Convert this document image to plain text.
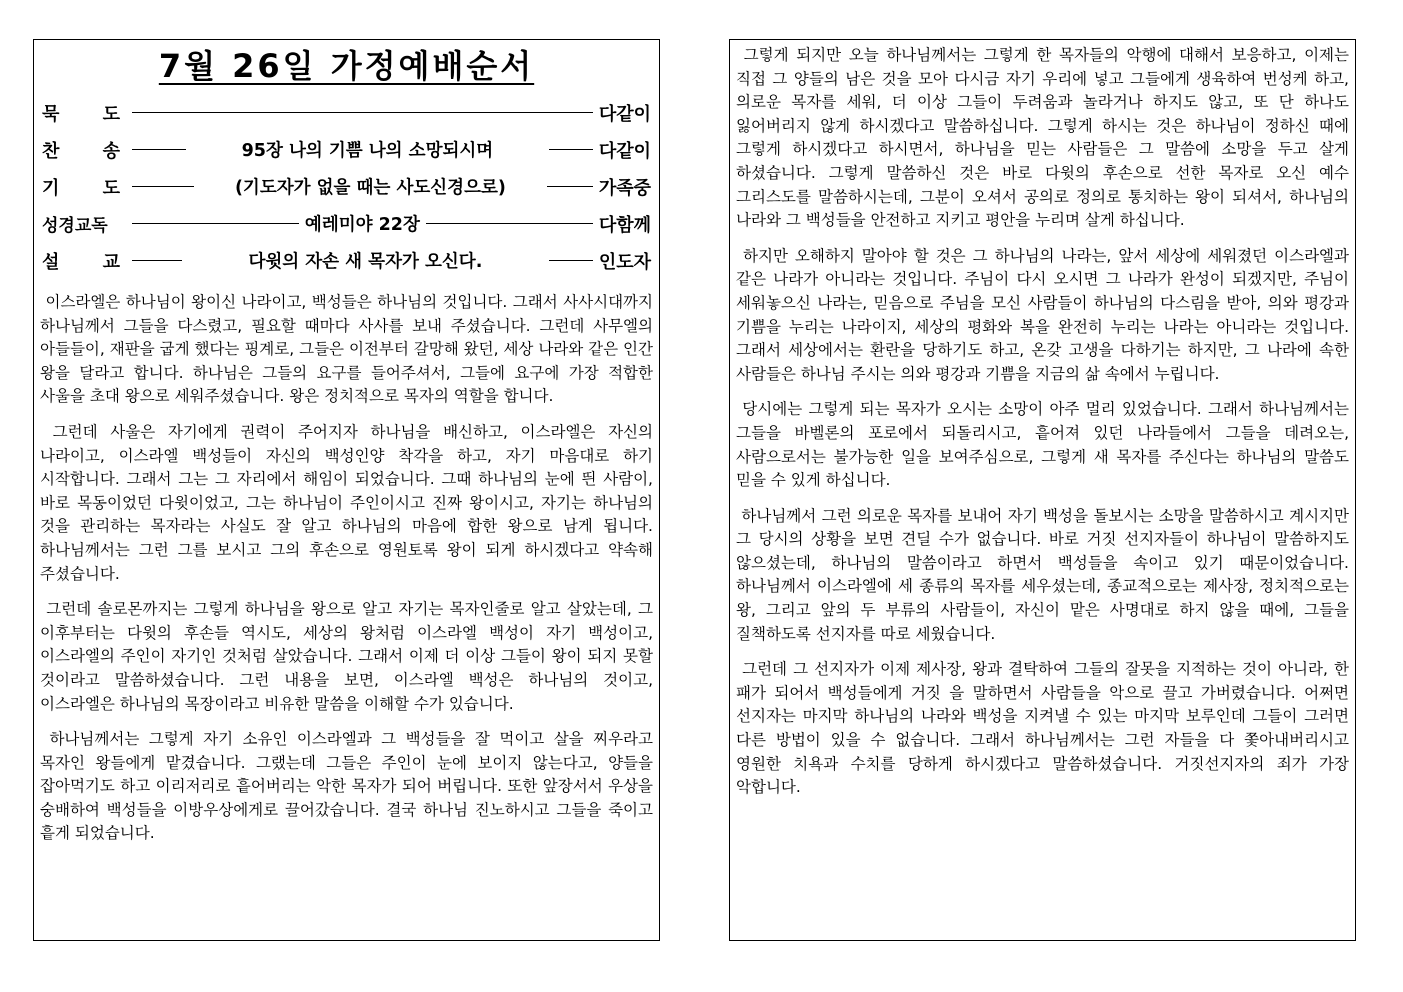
7월 26일 가정예배순서
묵 도	다같이
찬 송	95장 나의 기쁨 나의 소망되시며	다같이
기 도	(기도자가 없을 때는 사도신경으로)	가족중
성경교독	예레미야 22장	다함께
설 교	다윗의 자손 새 목자가 오신다.	인도자

이스라엘은 하나님이 왕이신 나라이고, 백성들은 하나님의 것입니다. 그래서 사사시대까지 하나님께서 그들을 다스렸고, 필요할 때마다 사사를 보내 주셨습니다. 그런데 사무엘의 아들들이, 재판을 굽게 했다는 핑계로, 그들은 이전부터 갈망해 왔던, 세상 나라와 같은 인간 왕을 달라고 합니다. 하나님은 그들의 요구를 들어주셔서, 그들에 요구에 가장 적합한 사울을 초대 왕으로 세워주셨습니다. 왕은 정치적으로 목자의 역할을 합니다.

그런데 사울은 자기에게 권력이 주어지자 하나님을 배신하고, 이스라엘은 자신의 나라이고, 이스라엘 백성들이 자신의 백성인양 착각을 하고, 자기 마음대로 하기 시작합니다. 그래서 그는 그 자리에서 해임이 되었습니다. 그때 하나님의 눈에 띈 사람이, 바로 목동이었던 다윗이었고, 그는 하나님이 주인이시고 진짜 왕이시고, 자기는 하나님의 것을 관리하는 목자라는 사실도 잘 알고 하나님의 마음에 합한 왕으로 남게 됩니다. 하나님께서는 그런 그를 보시고 그의 후손으로 영원토록 왕이 되게 하시겠다고 약속해 주셨습니다.

그런데 솔로몬까지는 그렇게 하나님을 왕으로 알고 자기는 목자인줄로 알고 살았는데, 그 이후부터는 다윗의 후손들 역시도, 세상의 왕처럼 이스라엘 백성이 자기 백성이고, 이스라엘의 주인이 자기인 것처럼 살았습니다. 그래서 이제 더 이상 그들이 왕이 되지 못할 것이라고 말씀하셨습니다. 그런 내용을 보면, 이스라엘 백성은 하나님의 것이고, 이스라엘은 하나님의 목장이라고 비유한 말씀을 이해할 수가 있습니다.

하나님께서는 그렇게 자기 소유인 이스라엘과 그 백성들을 잘 먹이고 살을 찌우라고 목자인 왕들에게 맡겼습니다. 그랬는데 그들은 주인이 눈에 보이지 않는다고, 양들을 잡아먹기도 하고 이리저리로 흩어버리는 악한 목자가 되어 버립니다. 또한 앞장서서 우상을 숭배하여 백성들을 이방우상에게로 끌어갔습니다. 결국 하나님 진노하시고 그들을 죽이고 흩게 되었습니다.

그렇게 되지만 오늘 하나님께서는 그렇게 한 목자들의 악행에 대해서 보응하고, 이제는 직접 그 양들의 남은 것을 모아 다시금 자기 우리에 넣고 그들에게 생육하여 번성케 하고, 의로운 목자를 세워, 더 이상 그들이 두려움과 놀라거나 하지도 않고, 또 단 하나도 잃어버리지 않게 하시겠다고 말씀하십니다. 그렇게 하시는 것은 하나님이 정하신 때에 그렇게 하시겠다고 하시면서, 하나님을 믿는 사람들은 그 말씀에 소망을 두고 살게 하셨습니다. 그렇게 말씀하신 것은 바로 다윗의 후손으로 선한 목자로 오신 예수 그리스도를 말씀하시는데, 그분이 오셔서 공의로 정의로 통치하는 왕이 되셔서, 하나님의 나라와 그 백성들을 안전하고 지키고 평안을 누리며 살게 하십니다.

하지만 오해하지 말아야 할 것은 그 하나님의 나라는, 앞서 세상에 세워졌던 이스라엘과 같은 나라가 아니라는 것입니다. 주님이 다시 오시면 그 나라가 완성이 되겠지만, 주님이 세워놓으신 나라는, 믿음으로 주님을 모신 사람들이 하나님의 다스림을 받아, 의와 평강과 기쁨을 누리는 나라이지, 세상의 평화와 복을 완전히 누리는 나라는 아니라는 것입니다. 그래서 세상에서는 환란을 당하기도 하고, 온갖 고생을 다하기는 하지만, 그 나라에 속한 사람들은 하나님 주시는 의와 평강과 기쁨을 지금의 삶 속에서 누립니다.

당시에는 그렇게 되는 목자가 오시는 소망이 아주 멀리 있었습니다. 그래서 하나님께서는 그들을 바벨론의 포로에서 되돌리시고, 흩어져 있던 나라들에서 그들을 데려오는, 사람으로서는 불가능한 일을 보여주심으로, 그렇게 새 목자를 주신다는 하나님의 말씀도 믿을 수 있게 하십니다.

하나님께서 그런 의로운 목자를 보내어 자기 백성을 돌보시는 소망을 말씀하시고 계시지만 그 당시의 상황을 보면 견딜 수가 없습니다. 바로 거짓 선지자들이 하나님이 말씀하지도 않으셨는데, 하나님의 말씀이라고 하면서 백성들을 속이고 있기 때문이었습니다. 하나님께서 이스라엘에 세 종류의 목자를 세우셨는데, 종교적으로는 제사장, 정치적으로는 왕, 그리고 앞의 두 부류의 사람들이, 자신이 맡은 사명대로 하지 않을 때에, 그들을 질책하도록 선지자를 따로 세웠습니다.

그런데 그 선지자가 이제 제사장, 왕과 결탁하여 그들의 잘못을 지적하는 것이 아니라, 한 패가 되어서 백성들에게 거짓 을 말하면서 사람들을 악으로 끌고 가버렸습니다. 어쩌면 선지자는 마지막 하나님의 나라와 백성을 지켜낼 수 있는 마지막 보루인데 그들이 그러면 다른 방법이 있을 수 없습니다. 그래서 하나님께서는 그런 자들을 다 쫓아내버리시고 영원한 치욕과 수치를 당하게 하시겠다고 말씀하셨습니다. 거짓선지자의 죄가 가장 악합니다.
